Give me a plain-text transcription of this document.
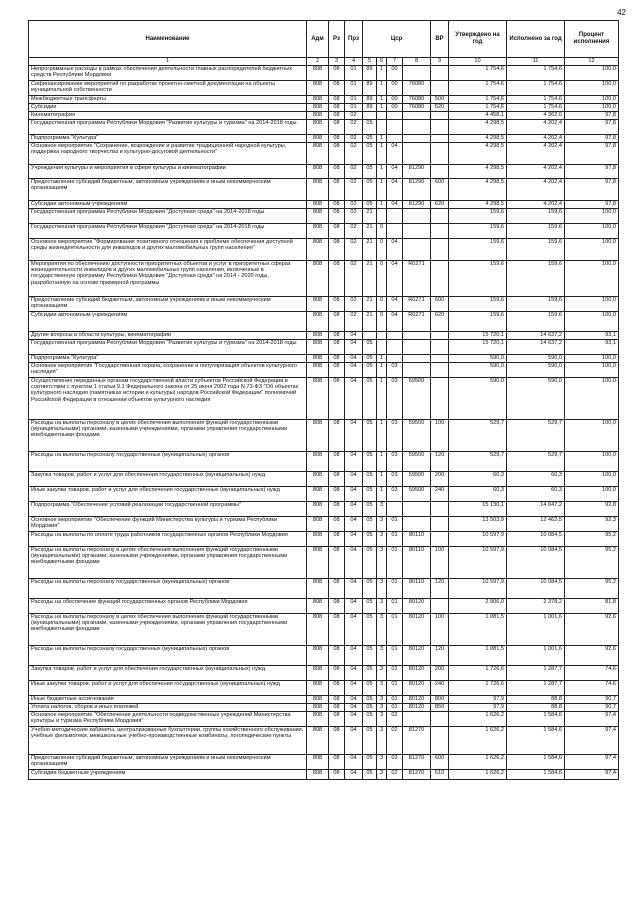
42
Наименование	Адм	Рз	Прз	Цср				ВР	Утверждено на год	Исполнено за год	Процент исполнения
1	2	3	4	5	6	7	8	9	10	11	12
Непрограммные расходы в рамках обеспечения деятельности главных распорядителей бюджетных средств Республики Мордовия	808	08	01	89	1	00			1 754,6	1 754,6	100,0
Софинансирование мероприятий по разработке проектно-сметной документации на объекты муниципальной собственности	808	08	01	89	1	00	76080		1 754,6	1 754,6	100,0
Межбюджетные трансферты	808	08	01	89	1	00	76080	500	1 754,6	1 754,6	100,0
Субсидии	808	08	01	89	1	00	76080	520	1 754,6	1 754,6	100,0
Кинематография	808	08	02						4 458,1	4 362,0	97,8
Государственная программа Республики Мордовия "Развитие культуры и туризма" на 2014-2018 годы	808	08	02	05					4 298,5	4 202,4	97,8
Подпрограмма "Культура"	808	08	02	05	1				4 298,5	4 202,4	97,8
Основное мероприятие "Сохранение, возрождение и развитие традиционной народной культуры, поддержка народного творчества и культурно-досуговой деятельности"	808	08	02	05	1	04			4 298,5	4 202,4	97,8
Учреждения культуры и мероприятия в сфере культуры и кинематографии	808	08	02	05	1	04	81290		4 298,5	4 202,4	97,8
Предоставление субсидий бюджетным, автономным учреждениям и иным некоммерческим организациям	808	08	02	05	1	04	81290	600	4 298,5	4 202,4	97,8
Субсидии автономным учреждениям	808	08	02	05	1	04	81290	620	4 298,5	4 202,4	97,8
Государственная программа Республики Мордовия "Доступная среда" на 2014-2018 годы	808	08	02	21					159,6	159,6	100,0
Государственная программа Республики Мордовия "Доступная среда" на 2014-2018 годы	808	08	02	21	0				159,6	159,6	100,0
Основное мероприятие "Формирование позитивного отношения к проблеме обеспечения доступной среды жизнедеятельности для инвалидов и других маломобильных групп населения"	808	08	02	21	0	04			159,6	159,6	100,0
Мероприятия по обеспечению доступности приоритетных объектов и услуг в приоритетных сферах жизнедеятельности инвалидов и других маломобильных групп населения, включенные в государственную программу Республики Мордовия "Доступная среда" на 2014 - 2020 годы, разработанную на основе примерной программы	808	08	02	21	0	04	R0271		159,6	159,6	100,0
Предоставление субсидий бюджетным, автономным учреждениям и иным некоммерческим организациям	808	08	02	21	0	04	R0271	600	159,6	159,6	100,0
Субсидии автономным учреждениям	808	08	02	21	0	04	R0271	620	159,6	159,6	100,0
Другие вопросы в области культуры, кинематографии	808	08	04						15 720,1	14 637,2	93,1
Государственная программа Республики Мордовия "Развитие культуры и туризма" на 2014-2018 годы	808	08	04	05					15 720,1	14 637,2	93,1
Подпрограмма "Культура"	808	08	04	05	1				590,0	590,0	100,0
Основное мероприятие "Государственная охрана, сохранение и популяризация объектов культурного наследия"	808	08	04	05	1	03			590,0	590,0	100,0
Осуществление переданных органам государственной власти субъектов Российской Федерации в соответствии с пунктом 1 статьи 9.1 Федерального закона от 25 июня 2002 года N 73-ФЗ "Об объектах культурного наследия (памятниках истории и культуры) народов Российской Федерации" полномочий Российской Федерации в отношении объектов культурного наследия	808	08	04	05	1	03	59500		590,0	590,0	100,0
Расходы на выплаты персоналу в целях обеспечения выполнения функций государственными (муниципальными) органами, казенными учреждениями, органами управления государственными внебюджетными фондами	808	08	04	05	1	03	59500	100	529,7	529,7	100,0
Расходы на выплаты персоналу государственных (муниципальных) органов	808	08	04	05	1	03	59500	120	529,7	529,7	100,0
Закупка товаров, работ и услуг для обеспечения государственных (муниципальных) нужд	808	08	04	05	1	03	59500	200	60,3	60,3	100,0
Иные закупки товаров, работ и услуг для обеспечения государственных (муниципальных) нужд	808	08	04	05	1	03	59500	240	60,3	60,3	100,0
Подпрограмма "Обеспечение условий реализации государственной программы"	808	08	04	05	3				15 130,1	14 047,2	92,8
Основное мероприятие "Обеспечение функций Министерства культуры и туризма Республики Мордовия"	808	08	04	05	3	01			13 503,9	12 462,5	92,3
Расходы на выплаты по оплате труда работников государственных органов Республики Мордовия	808	08	04	05	3	01	80110		10 597,9	10 084,5	95,2
Расходы на выплаты персоналу в целях обеспечения выполнения функций государственными (муниципальными) органами, казенными учреждениями, органами управления государственными внебюджетными фондами	808	08	04	05	3	01	80110	100	10 597,9	10 084,5	95,2
Расходы на выплаты персоналу государственных (муниципальных) органов	808	08	04	05	3	01	80110	120	10 597,9	10 084,5	95,2
Расходы на обеспечение функций государственных органов Республики Мордовия	808	08	04	05	3	01	80120		2 906,0	2 378,2	81,8
Расходы на выплаты персоналу в целях обеспечения выполнения функций государственными (муниципальными) органами, казенными учреждениями, органами управления государственными внебюджетными фондами	808	08	04	05	3	01	80120	100	1 081,5	1 001,6	92,6
Расходы на выплаты персоналу государственных (муниципальных) органов	808	08	04	05	3	01	80120	120	1 081,5	1 001,6	92,6
Закупка товаров, работ и услуг для обеспечения государственных (муниципальных) нужд	808	08	04	05	3	01	80120	200	1 726,6	1 287,7	74,6
Иные закупки товаров, работ и услуг для обеспечения государственных (муниципальных) нужд	808	08	04	05	3	01	80120	240	1 726,6	1 287,7	74,6
Иные бюджетные ассигнования	808	08	04	05	3	01	80120	800	97,9	88,8	90,7
Уплата налогов, сборов и иных платежей	808	08	04	05	3	01	80120	850	97,9	88,8	90,7
Основное мероприятие "Обеспечение деятельности подведомственных учреждений Министерства культуры и туризма Республики Мордовия"	808	08	04	05	3	02			1 626,2	1 584,6	97,4
Учебно-методические кабинеты, централизованные бухгалтерии, группы хозяйственного обслуживания, учебные фильмотеки, межшкольные учебно-производственные комбинаты, логопедические пункты	808	08	04	05	3	02	81270		1 626,2	1 584,6	97,4
Предоставление субсидий бюджетным, автономным учреждениям и иным некоммерческим организациям	808	08	04	05	3	02	81270	600	1 626,2	1 584,6	97,4
Субсидии бюджетным учреждениям	808	08	04	05	3	02	81270	610	1 626,2	1 584,6	97,4
